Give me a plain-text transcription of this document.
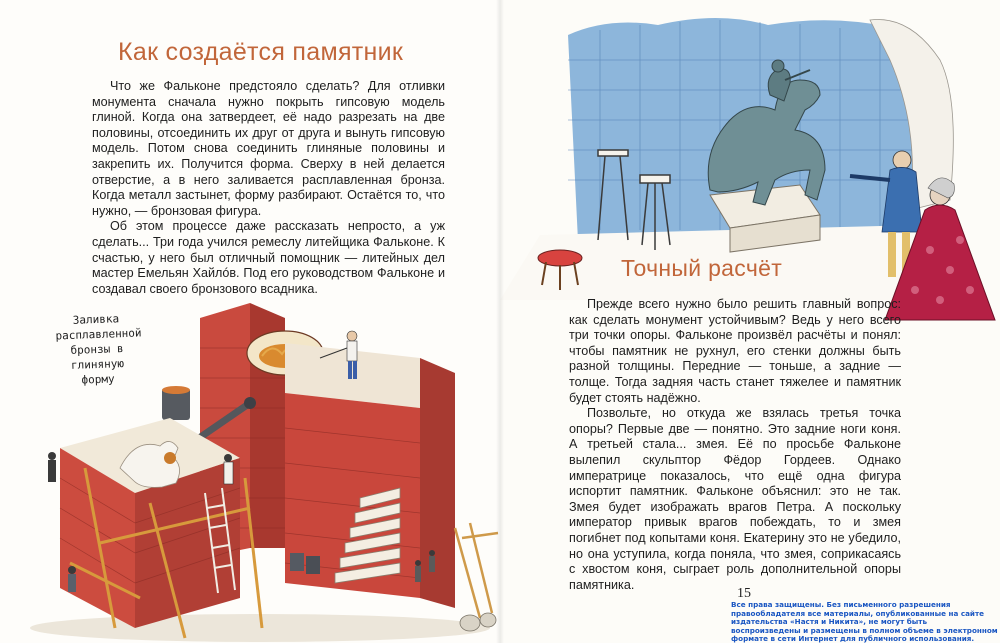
Как создаётся памятник

Что же Фальконе предстояло сделать? Для отливки монумента сначала нужно покрыть гипсовую модель глиной. Когда она затвердеет, её надо разрезать на две половины, отсоединить их друг от друга и вынуть гипсовую модель. Потом снова соединить глиняные половины и закрепить их. Получится форма. Сверху в ней делается отверстие, а в него заливается расплавленная бронза. Когда металл застынет, форму разбирают. Остаётся то, что нужно, — бронзовая фигура.

Об этом процессе даже рассказать непросто, а уж сделать... Три года учился ремеслу литейщика Фальконе. К счастью, у него был отличный помощник — литейных дел мастер Емельян Хайлóв. Под его руководством Фальконе и создавал своего бронзового всадника.

Заливка расплавленной бронзы в глиняную форму
Точный расчёт

Прежде всего нужно было решить главный вопрос: как сделать монумент устойчивым? Ведь у него всего три точки опоры. Фальконе произвёл расчёты и понял: чтобы памятник не рухнул, его стенки должны быть разной толщины. Передние — тоньше, а задние — толще. Тогда задняя часть станет тяжелее и памятник будет стоять надёжно.

Позвольте, но откуда же взялась третья точка опоры? Первые две — понятно. Это задние ноги коня. А третьей стала... змея. Её по просьбе Фальконе вылепил скульптор Фёдор Гордеев. Однако императрице показалось, что ещё одна фигура испортит памятник. Фальконе объяснил: это не так. Змея будет изображать врагов Петра. А поскольку император привык врагов побеждать, то и змея погибнет под копытами коня. Екатерину это не убедило, но она уступила, когда поняла, что змея, соприкасаясь с хвостом коня, сыграет роль дополнительной опоры памятника.

15
Все права защищены. Без письменного разрешения правообладателя все материалы, опубликованные на сайте издательства «Настя и Никита», не могут быть воспроизведены и размещены в полном объеме в электронном формате в сети Интернет для публичного использования.
